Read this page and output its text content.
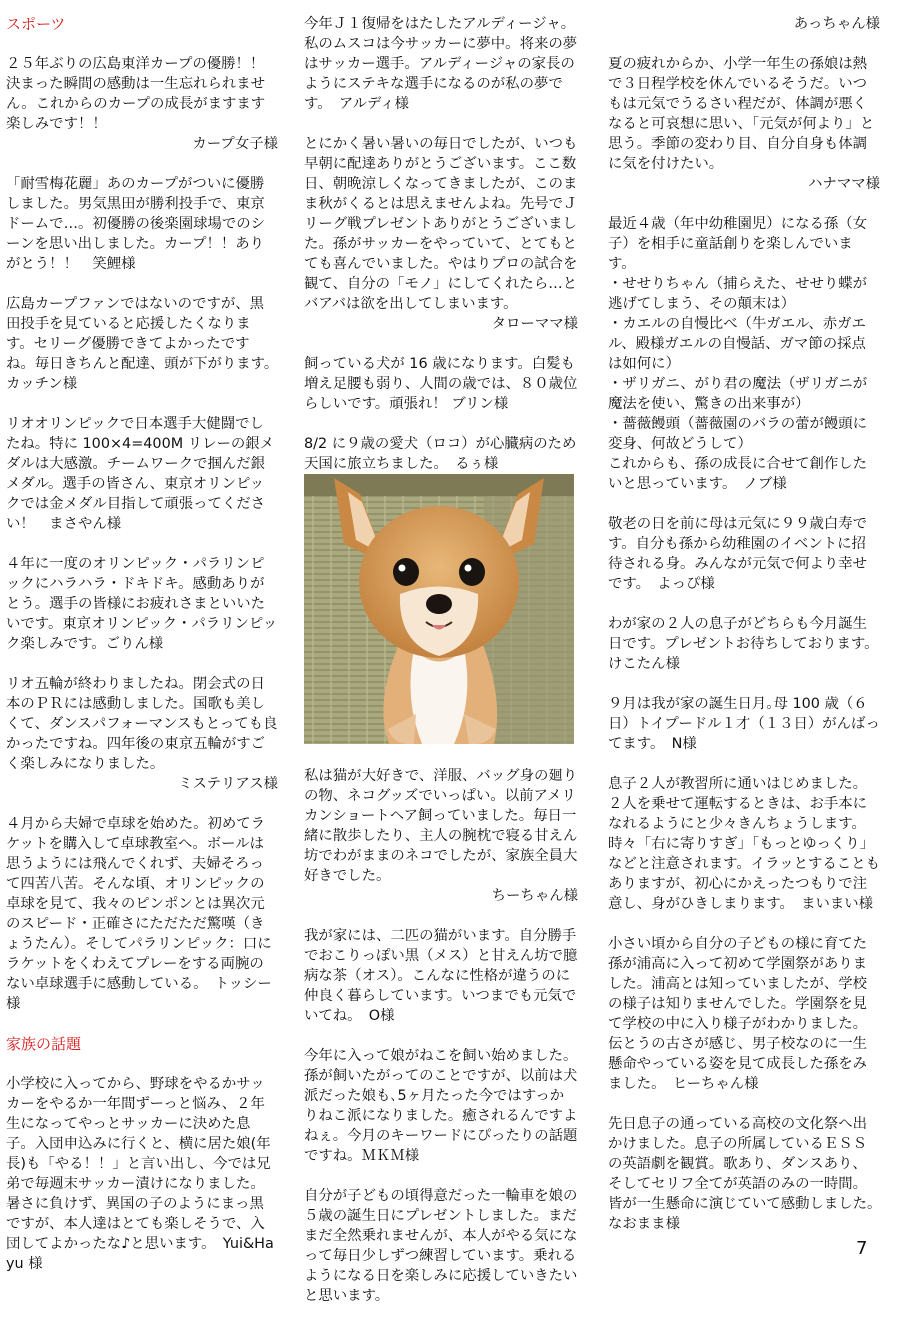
スポーツ

２５年ぶりの広島東洋カープの優勝！！決まった瞬間の感動は一生忘れられません。これからのカープの成長がますます楽しみです！！
カープ女子様

「耐雪梅花麗」あのカープがついに優勝しました。男気黒田が勝利投手で、東京ドームで…。初優勝の後楽園球場でのシーンを思い出しました。カープ！！ありがとう！！　笑鯉様

広島カープファンではないのですが、黒田投手を見ていると応援したくなります。セリーグ優勝できてよかったですね。毎日きちんと配達、頭が下がります。　カッチン様

リオオリンピックで日本選手大健闘でしたね。特に 100×4=400M リレーの銀メダルは大感激。チームワークで掴んだ銀メダル。選手の皆さん、東京オリンピックでは金メダル目指して頑張ってください！　まさやん様

４年に一度のオリンピック・パラリンピックにハラハラ・ドキドキ。感動ありがとう。選手の皆様にお疲れさまといいたいです。東京オリンピック・パラリンピック楽しみです。ごりん様

リオ五輪が終わりましたね。閉会式の日本のＰＲには感動しました。国歌も美しくて、ダンスパフォーマンスもとっても良かったですね。四年後の東京五輪がすごく楽しみになりました。
ミステリアス様

４月から夫婦で卓球を始めた。初めてラケットを購入して卓球教室へ。ボールは思うようには飛んでくれず、夫婦そろって四苦八苦。そんな頃、オリンピックの卓球を見て、我々のピンポンとは異次元のスピード・正確さにただただ驚嘆（きょうたん）。そしてパラリンピック：口にラケットをくわえてプレーをする両腕のない卓球選手に感動している。　トッシー様

家族の話題

小学校に入ってから、野球をやるかサッカーをやるか一年間ずーっと悩み、２年生になってやっとサッカーに決めた息子。入団申込みに行くと、横に居た娘(年長)も「やる！！」と言い出し、今では兄弟で毎週末サッカー漬けになりました。暑さに負けず、異国の子のようにまっ黒ですが、本人達はとても楽しそうで、入団してよかったな♪と思います。　Yui&Hayu 様

今年Ｊ１復帰をはたしたアルディージャ。私のムスコは今サッカーに夢中。将来の夢はサッカー選手。アルディージャの家長のようにステキな選手になるのが私の夢です。　アルディ様

とにかく暑い暑いの毎日でしたが、いつも早朝に配達ありがとうございます。ここ数日、朝晩涼しくなってきましたが、このまま秋がくるとは思えませんよね。先号でＪリーグ戦プレゼントありがとうございました。孫がサッカーをやっていて、とてもとても喜んでいました。やはりプロの試合を観て、自分の「モノ」にしてくれたら…とバアバは欲を出してしまいます。
タローママ様

飼っている犬が 16 歳になります。白髪も増え足腰も弱り、人間の歳では、８０歳位らしいです。頑張れ！ ブリン様

8/2 に９歳の愛犬（ロコ）が心臓病のため天国に旅立ちました。　るぅ様

私は猫が大好きで、洋服、バッグ身の廻りの物、ネコグッズでいっぱい。以前アメリカンショートヘア飼っていました。毎日一緒に散歩したり、主人の腕枕で寝る甘えん坊でわがままのネコでしたが、家族全員大好きでした。
ちーちゃん様

我が家には、二匹の猫がいます。自分勝手でおこりっぽい黒（メス）と甘えん坊で臆病な茶（オス）。こんなに性格が違うのに仲良く暮らしています。いつまでも元気でいてね。　O様

今年に入って娘がねこを飼い始めました。孫が飼いたがってのことですが、以前は犬派だった娘も､5ヶ月たった今ではすっかりねこ派になりました。癒されるんですよねぇ。今月のキーワードにぴったりの話題ですね。ＭＫＭ様

自分が子どもの頃得意だった一輪車を娘の５歳の誕生日にプレゼントしました。まだまだ全然乗れませんが、本人がやる気になって毎日少しずつ練習しています。乗れるようになる日を楽しみに応援していきたいと思います。

あっちゃん様

夏の疲れからか、小学一年生の孫娘は熱で３日程学校を休んでいるそうだ。いつもは元気でうるさい程だが、体調が悪くなると可哀想に思い、「元気が何より」と思う。季節の変わり目、自分自身も体調に気を付けたい。
ハナママ様

最近４歳（年中幼稚園児）になる孫（女子）を相手に童話創りを楽しんでいます。
・せせりちゃん（捕らえた、せせり蝶が逃げてしまう、その顛末は）
・カエルの自慢比べ（牛ガエル、赤ガエル、殿様ガエルの自慢話、ガマ節の採点は如何に）
・ザリガニ、がり君の魔法（ザリガニが魔法を使い、驚きの出来事が）
・薔薇饅頭（薔薇園のバラの蕾が饅頭に変身、何故どうして）
これからも、孫の成長に合せて創作したいと思っています。　ノブ様

敬老の日を前に母は元気に９９歳白寿です。自分も孫から幼稚園のイベントに招待される身。みんなが元気で何より幸せです。　よっぴ様

わが家の２人の息子がどちらも今月誕生日です。プレゼントお待ちしております。　けこたん様

９月は我が家の誕生日月｡母 100 歳（６日）トイプードル１才（１３日）がんばってます。　N様

息子２人が教習所に通いはじめました。２人を乗せて運転するときは、お手本になれるようにと少々きんちょうします。時々「右に寄りすぎ」「もっとゆっくり」などと注意されます。イラッとすることもありますが、初心にかえったつもりで注意し、身がひきしまります。　まいまい様

小さい頃から自分の子どもの様に育てた孫が浦高に入って初めて学園祭がありました。浦高とは知っていましたが、学校の様子は知りませんでした。学園祭を見て学校の中に入り様子がわかりました。伝とうの古さが感じ、男子校なのに一生懸命やっている姿を見て成長した孫をみました。　ヒーちゃん様

先日息子の通っている高校の文化祭へ出かけました。息子の所属しているＥＳＳの英語劇を観賞。歌あり、ダンスあり、そしてセリフ全てが英語のみの一時間。皆が一生懸命に演じていて感動しました。　なおまま様

7
